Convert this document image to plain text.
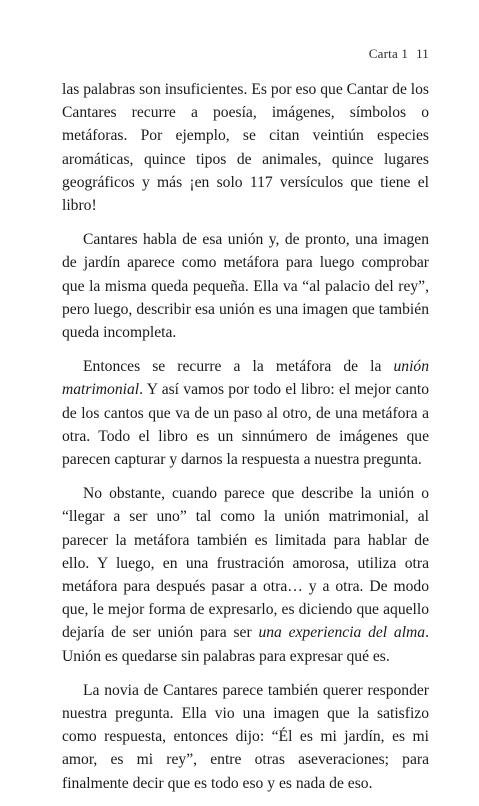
Carta 1 11

las palabras son insuficientes. Es por eso que Cantar de los Cantares recurre a poesía, imágenes, símbolos o metáforas. Por ejemplo, se citan veintiún especies aromáticas, quince tipos de animales, quince lugares geográficos y más ¡en solo 117 versículos que tiene el libro!

Cantares habla de esa unión y, de pronto, una imagen de jardín aparece como metáfora para luego comprobar que la misma queda pequeña. Ella va “al palacio del rey”, pero luego, describir esa unión es una imagen que también queda incompleta.

Entonces se recurre a la metáfora de la unión matrimonial. Y así vamos por todo el libro: el mejor canto de los cantos que va de un paso al otro, de una metáfora a otra. Todo el libro es un sinnúmero de imágenes que parecen capturar y darnos la respuesta a nuestra pregunta.

No obstante, cuando parece que describe la unión o “llegar a ser uno” tal como la unión matrimonial, al parecer la metáfora también es limitada para hablar de ello. Y luego, en una frustración amorosa, utiliza otra metáfora para después pasar a otra… y a otra. De modo que, le mejor forma de expresarlo, es diciendo que aquello dejaría de ser unión para ser una experiencia del alma. Unión es quedarse sin palabras para expresar qué es.

La novia de Cantares parece también querer responder nuestra pregunta. Ella vio una imagen que la satisfizo como respuesta, entonces dijo: “Él es mi jardín, es mi amor, es mi rey”, entre otras aseveraciones; para finalmente decir que es todo eso y es nada de eso.
